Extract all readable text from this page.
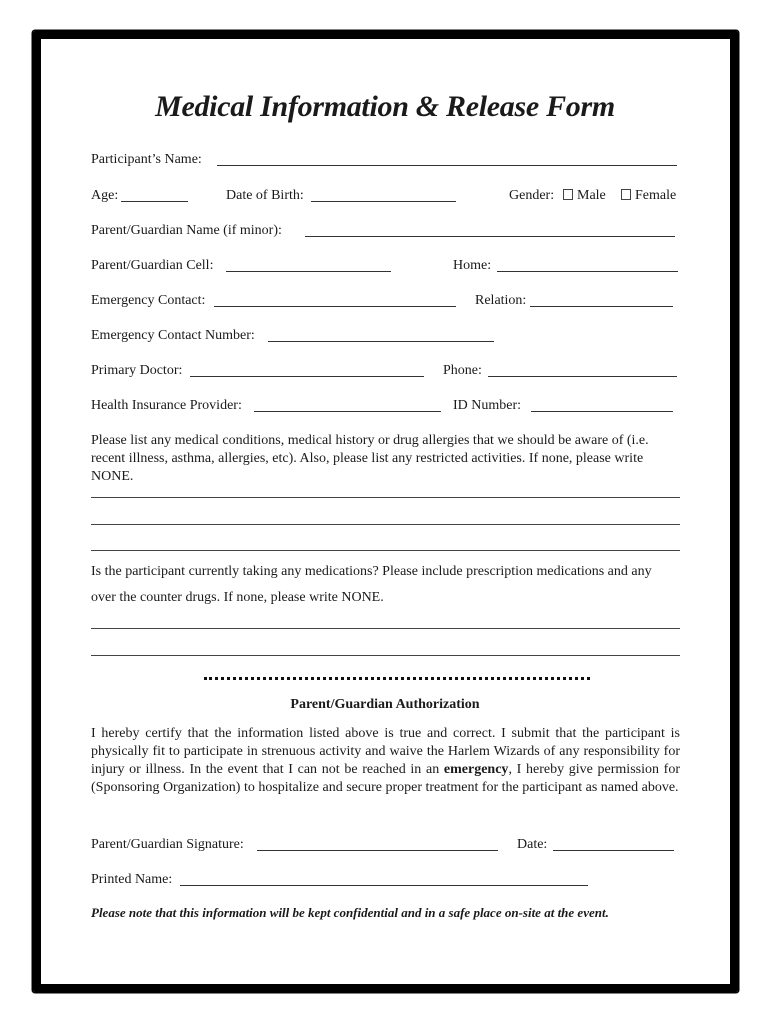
Medical Information & Release Form
Participant’s Name:
Age:	Date of Birth:	Gender:	Male	Female
Parent/Guardian Name (if minor):
Parent/Guardian Cell:	Home:
Emergency Contact:	Relation:
Emergency Contact Number:
Primary Doctor:	Phone:
Health Insurance Provider:	ID Number:
Please list any medical conditions, medical history or drug allergies that we should be aware of (i.e. recent illness, asthma, allergies, etc). Also, please list any restricted activities. If none, please write NONE.
Is the participant currently taking any medications? Please include prescription medications and any
over the counter drugs. If none, please write NONE.
Parent/Guardian Authorization
I hereby certify that the information listed above is true and correct. I submit that the participant is physically fit to participate in strenuous activity and waive the Harlem Wizards of any responsibility for injury or illness. In the event that I can not be reached in an emergency, I hereby give permission for (Sponsoring Organization) to hospitalize and secure proper treatment for the participant as named above.
Parent/Guardian Signature:	Date:
Printed Name:
Please note that this information will be kept confidential and in a safe place on-site at the event.
